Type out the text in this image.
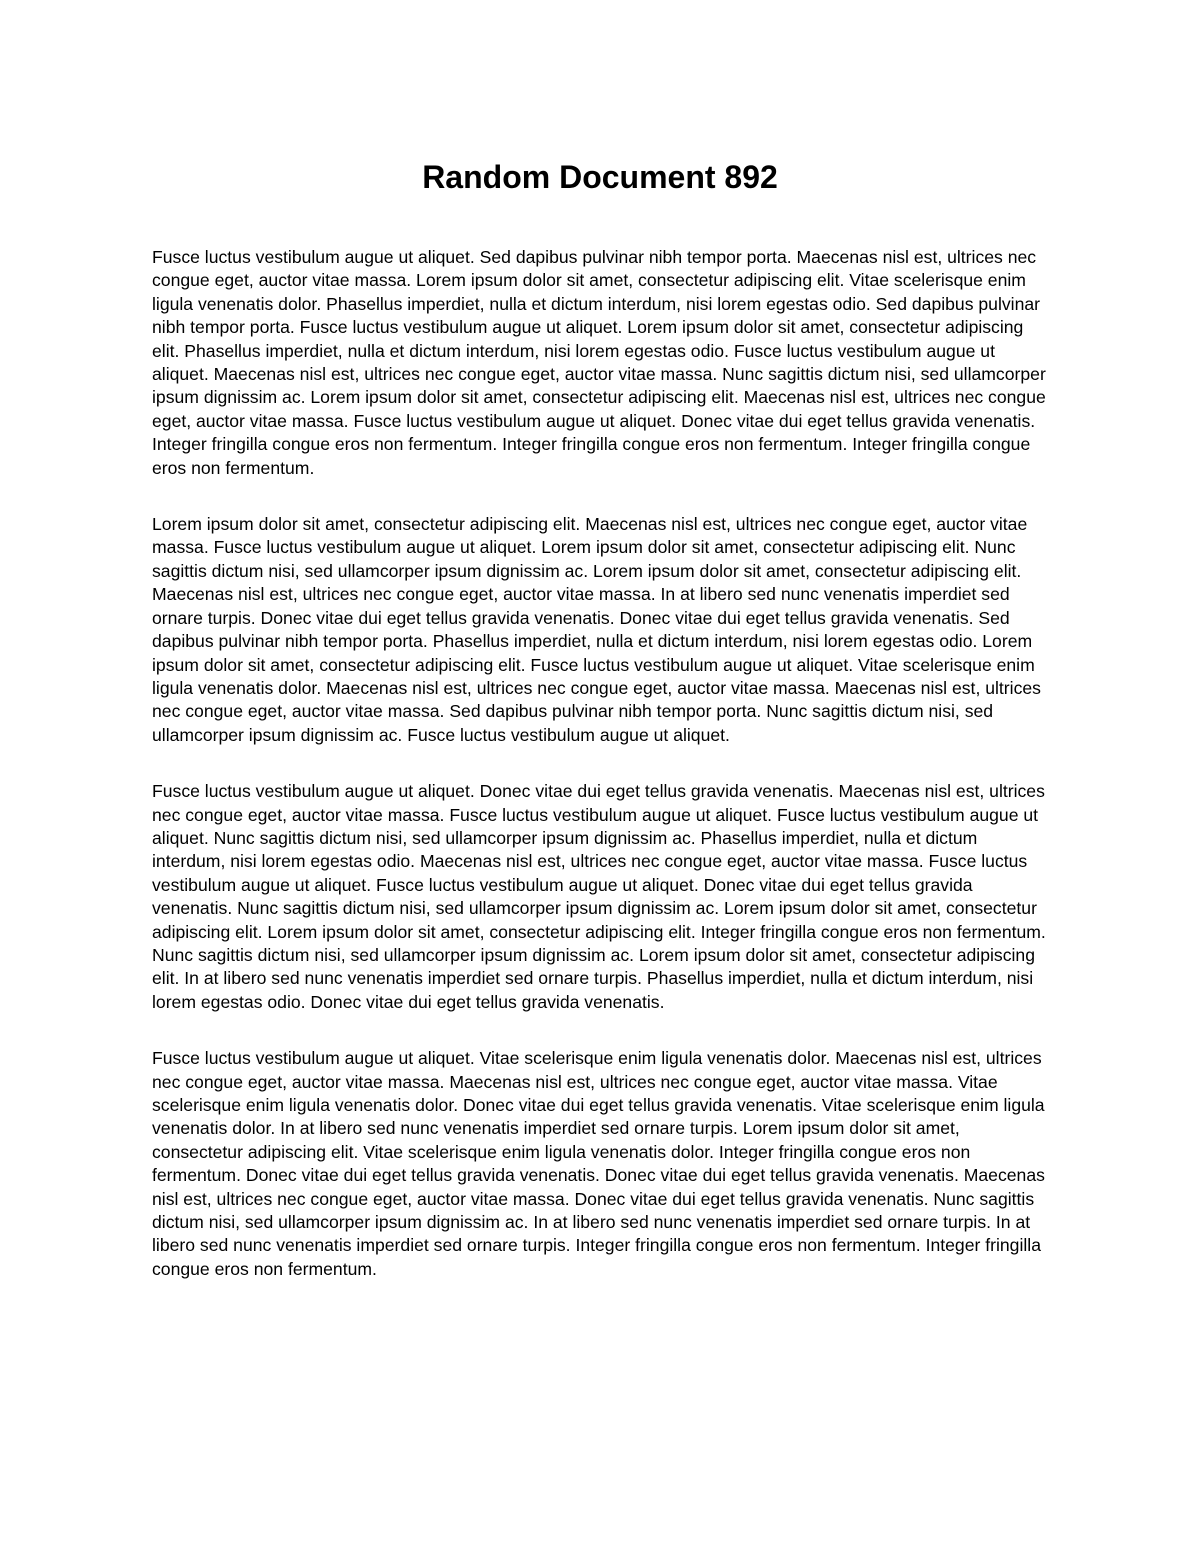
Random Document 892

Fusce luctus vestibulum augue ut aliquet. Sed dapibus pulvinar nibh tempor porta. Maecenas nisl est, ultrices nec congue eget, auctor vitae massa. Lorem ipsum dolor sit amet, consectetur adipiscing elit. Vitae scelerisque enim ligula venenatis dolor. Phasellus imperdiet, nulla et dictum interdum, nisi lorem egestas odio. Sed dapibus pulvinar nibh tempor porta. Fusce luctus vestibulum augue ut aliquet. Lorem ipsum dolor sit amet, consectetur adipiscing elit. Phasellus imperdiet, nulla et dictum interdum, nisi lorem egestas odio. Fusce luctus vestibulum augue ut aliquet. Maecenas nisl est, ultrices nec congue eget, auctor vitae massa. Nunc sagittis dictum nisi, sed ullamcorper ipsum dignissim ac. Lorem ipsum dolor sit amet, consectetur adipiscing elit. Maecenas nisl est, ultrices nec congue eget, auctor vitae massa. Fusce luctus vestibulum augue ut aliquet. Donec vitae dui eget tellus gravida venenatis. Integer fringilla congue eros non fermentum. Integer fringilla congue eros non fermentum. Integer fringilla congue eros non fermentum.

Lorem ipsum dolor sit amet, consectetur adipiscing elit. Maecenas nisl est, ultrices nec congue eget, auctor vitae massa. Fusce luctus vestibulum augue ut aliquet. Lorem ipsum dolor sit amet, consectetur adipiscing elit. Nunc sagittis dictum nisi, sed ullamcorper ipsum dignissim ac. Lorem ipsum dolor sit amet, consectetur adipiscing elit. Maecenas nisl est, ultrices nec congue eget, auctor vitae massa. In at libero sed nunc venenatis imperdiet sed ornare turpis. Donec vitae dui eget tellus gravida venenatis. Donec vitae dui eget tellus gravida venenatis. Sed dapibus pulvinar nibh tempor porta. Phasellus imperdiet, nulla et dictum interdum, nisi lorem egestas odio. Lorem ipsum dolor sit amet, consectetur adipiscing elit. Fusce luctus vestibulum augue ut aliquet. Vitae scelerisque enim ligula venenatis dolor. Maecenas nisl est, ultrices nec congue eget, auctor vitae massa. Maecenas nisl est, ultrices nec congue eget, auctor vitae massa. Sed dapibus pulvinar nibh tempor porta. Nunc sagittis dictum nisi, sed ullamcorper ipsum dignissim ac. Fusce luctus vestibulum augue ut aliquet.

Fusce luctus vestibulum augue ut aliquet. Donec vitae dui eget tellus gravida venenatis. Maecenas nisl est, ultrices nec congue eget, auctor vitae massa. Fusce luctus vestibulum augue ut aliquet. Fusce luctus vestibulum augue ut aliquet. Nunc sagittis dictum nisi, sed ullamcorper ipsum dignissim ac. Phasellus imperdiet, nulla et dictum interdum, nisi lorem egestas odio. Maecenas nisl est, ultrices nec congue eget, auctor vitae massa. Fusce luctus vestibulum augue ut aliquet. Fusce luctus vestibulum augue ut aliquet. Donec vitae dui eget tellus gravida venenatis. Nunc sagittis dictum nisi, sed ullamcorper ipsum dignissim ac. Lorem ipsum dolor sit amet, consectetur adipiscing elit. Lorem ipsum dolor sit amet, consectetur adipiscing elit. Integer fringilla congue eros non fermentum. Nunc sagittis dictum nisi, sed ullamcorper ipsum dignissim ac. Lorem ipsum dolor sit amet, consectetur adipiscing elit. In at libero sed nunc venenatis imperdiet sed ornare turpis. Phasellus imperdiet, nulla et dictum interdum, nisi lorem egestas odio. Donec vitae dui eget tellus gravida venenatis.

Fusce luctus vestibulum augue ut aliquet. Vitae scelerisque enim ligula venenatis dolor. Maecenas nisl est, ultrices nec congue eget, auctor vitae massa. Maecenas nisl est, ultrices nec congue eget, auctor vitae massa. Vitae scelerisque enim ligula venenatis dolor. Donec vitae dui eget tellus gravida venenatis. Vitae scelerisque enim ligula venenatis dolor. In at libero sed nunc venenatis imperdiet sed ornare turpis. Lorem ipsum dolor sit amet, consectetur adipiscing elit. Vitae scelerisque enim ligula venenatis dolor. Integer fringilla congue eros non fermentum. Donec vitae dui eget tellus gravida venenatis. Donec vitae dui eget tellus gravida venenatis. Maecenas nisl est, ultrices nec congue eget, auctor vitae massa. Donec vitae dui eget tellus gravida venenatis. Nunc sagittis dictum nisi, sed ullamcorper ipsum dignissim ac. In at libero sed nunc venenatis imperdiet sed ornare turpis. In at libero sed nunc venenatis imperdiet sed ornare turpis. Integer fringilla congue eros non fermentum. Integer fringilla congue eros non fermentum.
